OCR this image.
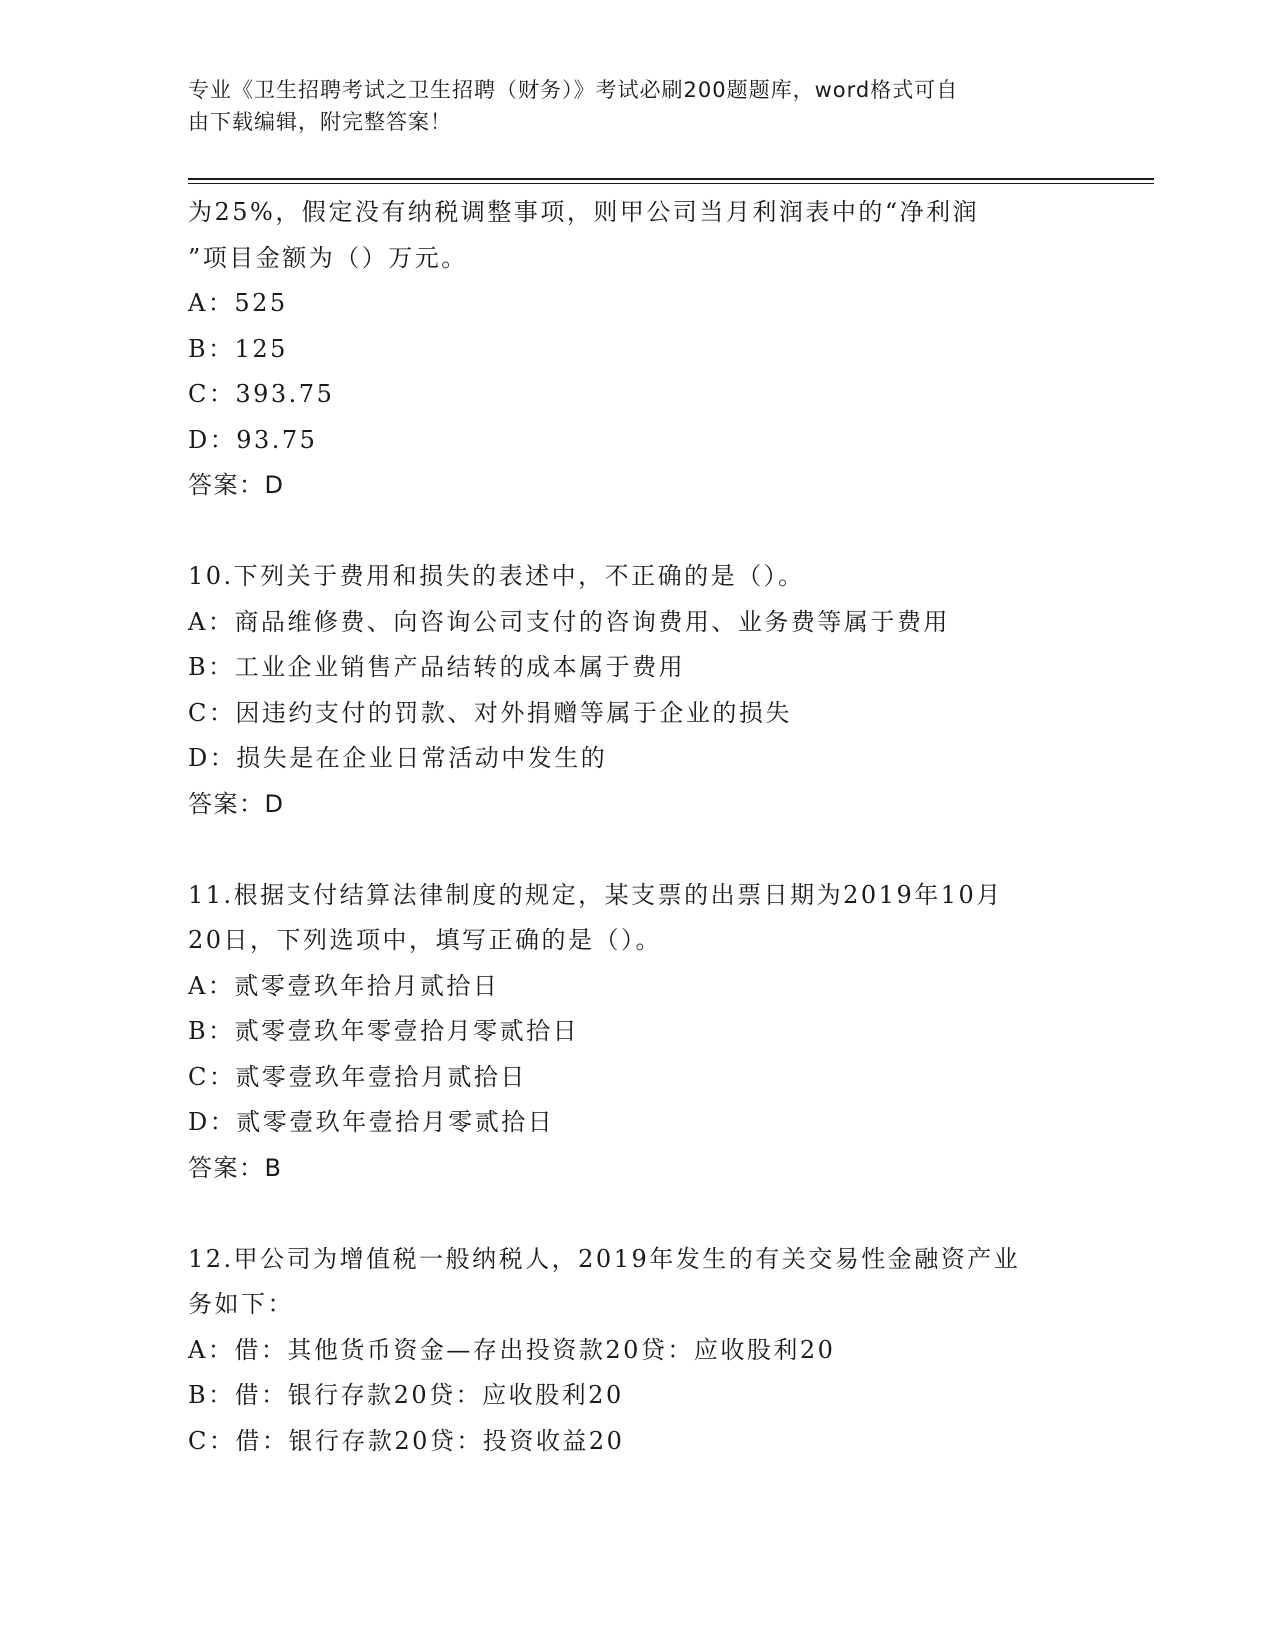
专业《卫生招聘考试之卫生招聘（财务）》考试必刷200题题库，word格式可自
由下载编辑，附完整答案！
为25%，假定没有纳税调整事项，则甲公司当月利润表中的“净利润
”项目金额为（）万元。
A：525
B：125
C：393.75
D：93.75
答案：D
10.下列关于费用和损失的表述中，不正确的是（）。
A：商品维修费、向咨询公司支付的咨询费用、业务费等属于费用
B：工业企业销售产品结转的成本属于费用
C：因违约支付的罚款、对外捐赠等属于企业的损失
D：损失是在企业日常活动中发生的
答案：D
11.根据支付结算法律制度的规定，某支票的出票日期为2019年10月
20日，下列选项中，填写正确的是（）。
A：贰零壹玖年拾月贰拾日
B：贰零壹玖年零壹拾月零贰拾日
C：贰零壹玖年壹拾月贰拾日
D：贰零壹玖年壹拾月零贰拾日
答案：B
12.甲公司为增值税一般纳税人，2019年发生的有关交易性金融资产业
务如下：
A：借：其他货币资金—存出投资款20贷：应收股利20
B：借：银行存款20贷：应收股利20
C：借：银行存款20贷：投资收益20
